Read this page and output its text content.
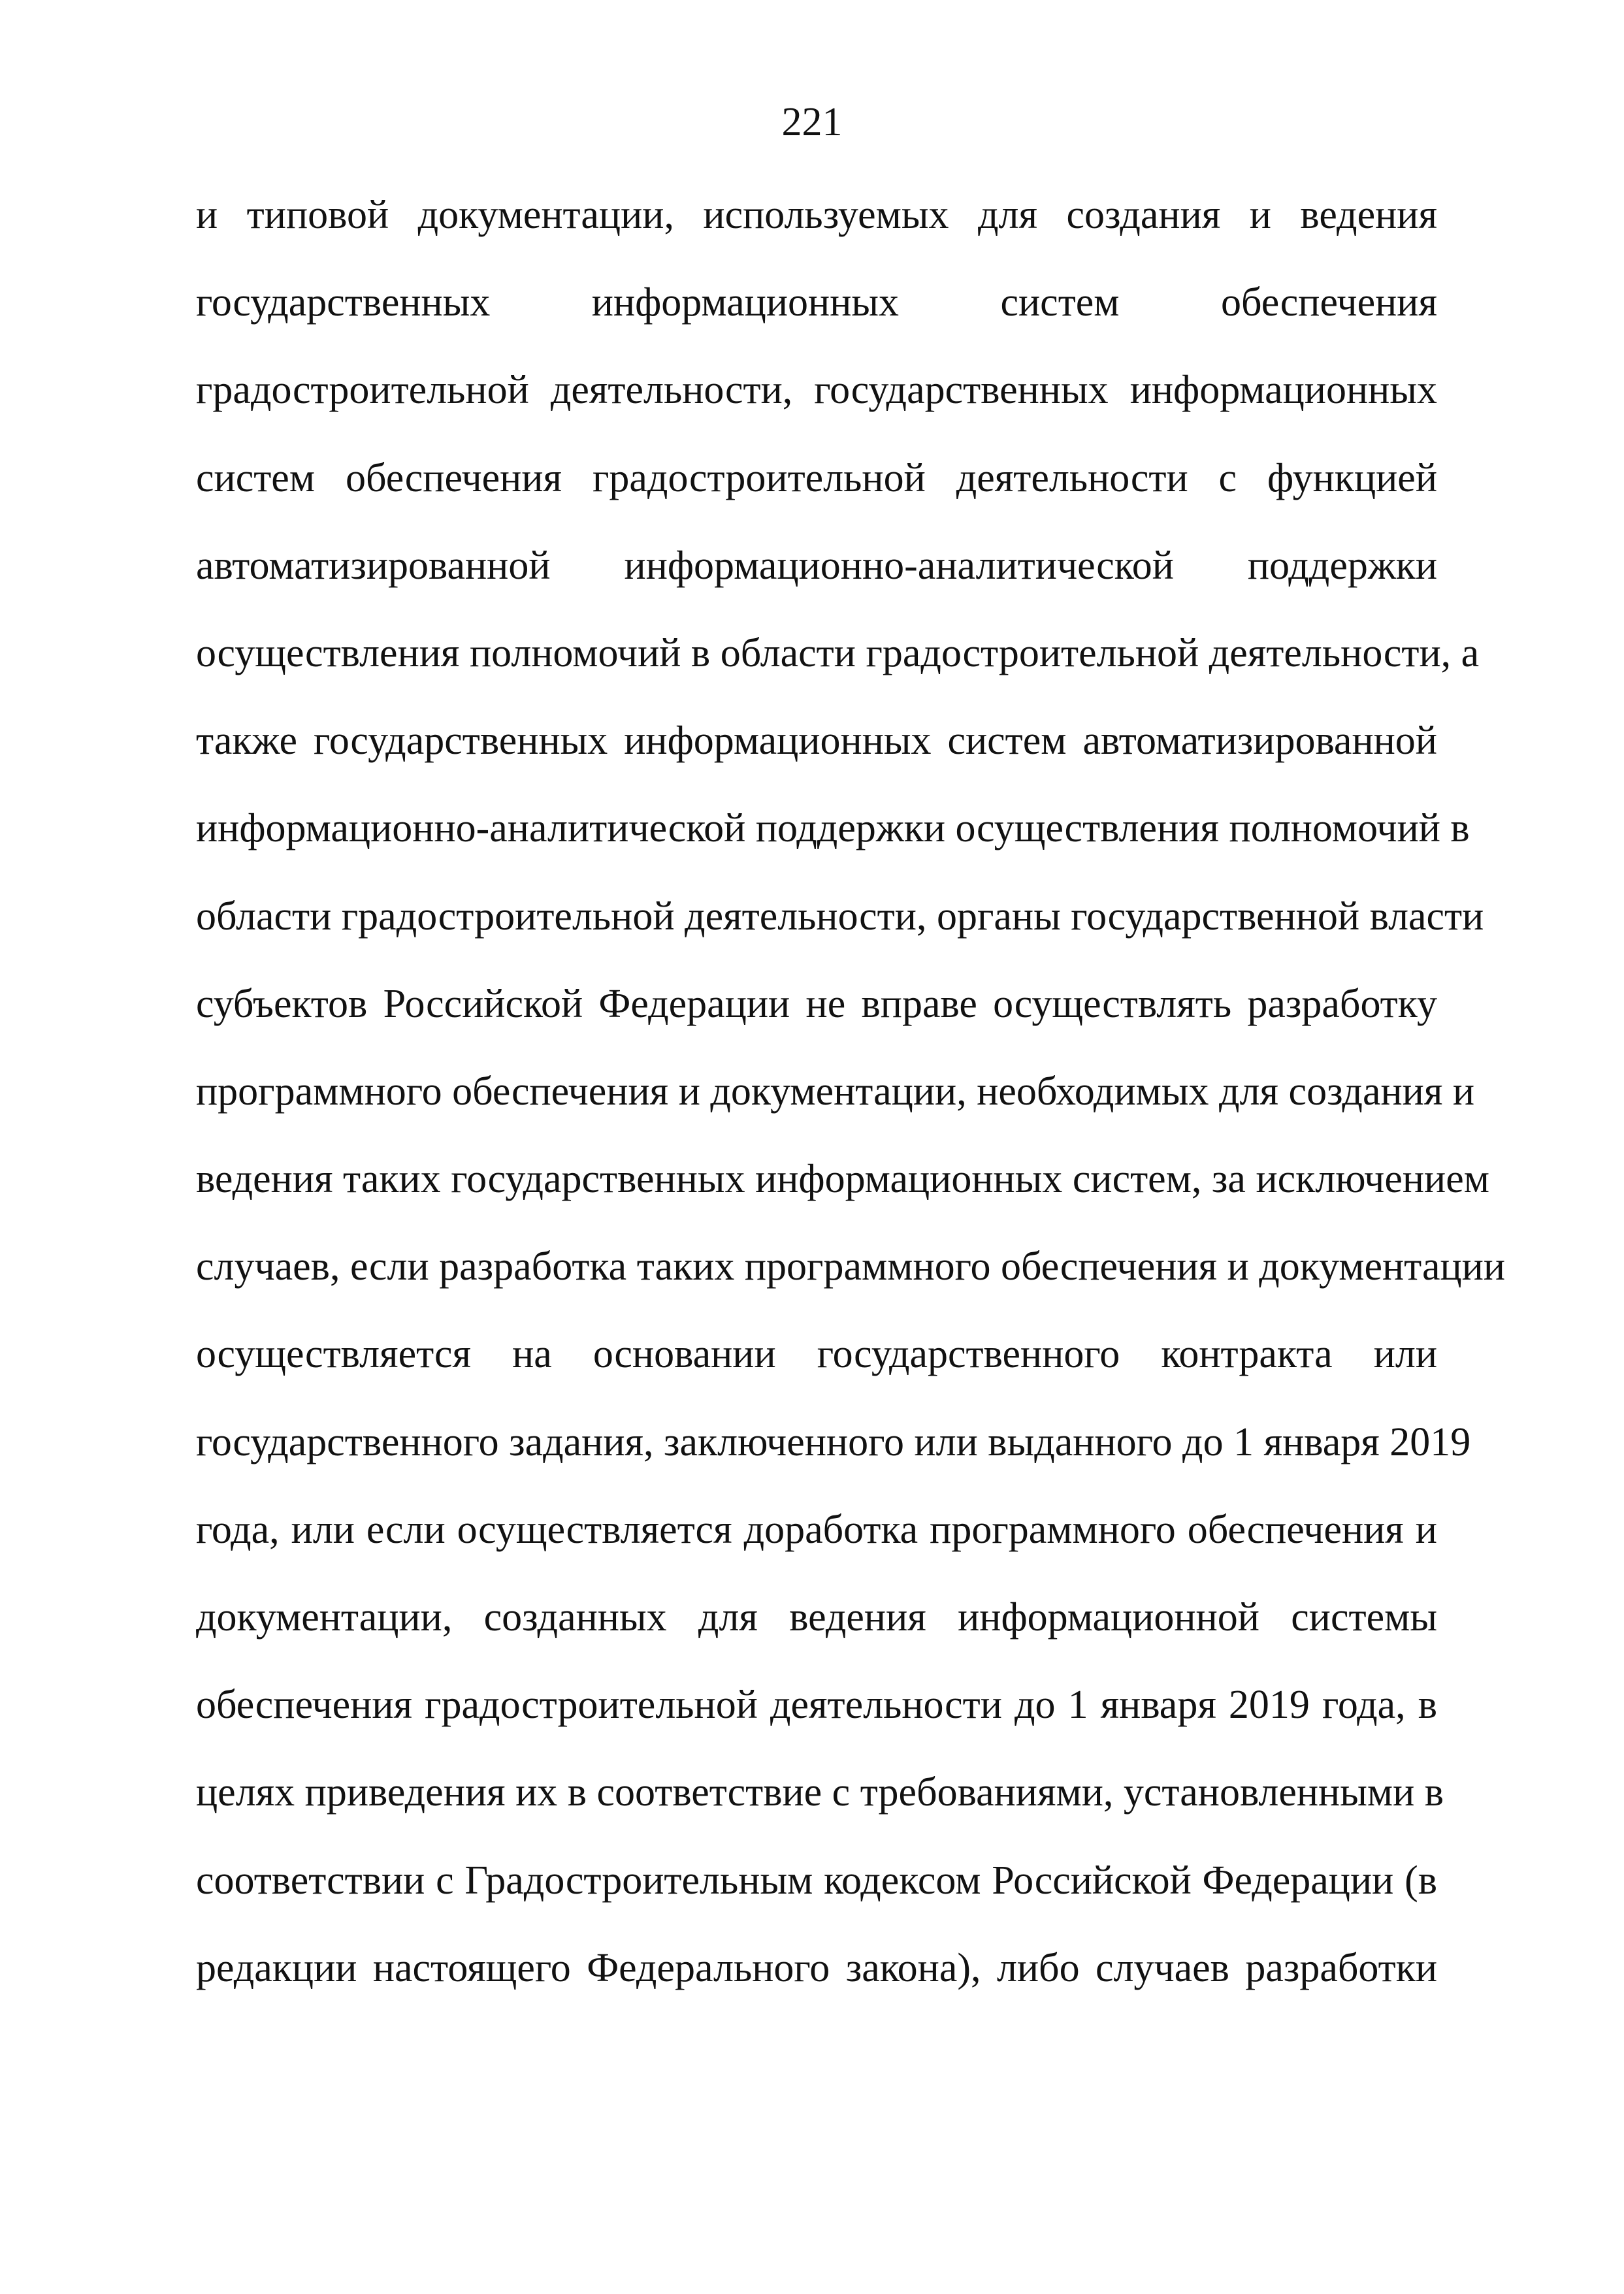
221
и типовой документации, используемых для создания и ведения
государственных информационных систем обеспечения
градостроительной деятельности, государственных информационных
систем обеспечения градостроительной деятельности с функцией
автоматизированной информационно-аналитической поддержки
осуществления полномочий в области градостроительной деятельности, а
также государственных информационных систем автоматизированной
информационно-аналитической поддержки осуществления полномочий в
области градостроительной деятельности, органы государственной власти
субъектов Российской Федерации не вправе осуществлять разработку
программного обеспечения и документации, необходимых для создания и
ведения таких государственных информационных систем, за исключением
случаев, если разработка таких программного обеспечения и документации
осуществляется на основании государственного контракта или
государственного задания, заключенного или выданного до 1 января 2019
года, или если осуществляется доработка программного обеспечения и
документации, созданных для ведения информационной системы
обеспечения градостроительной деятельности до 1 января 2019 года, в
целях приведения их в соответствие с требованиями, установленными в
соответствии с Градостроительным кодексом Российской Федерации (в
редакции настоящего Федерального закона), либо случаев разработки
